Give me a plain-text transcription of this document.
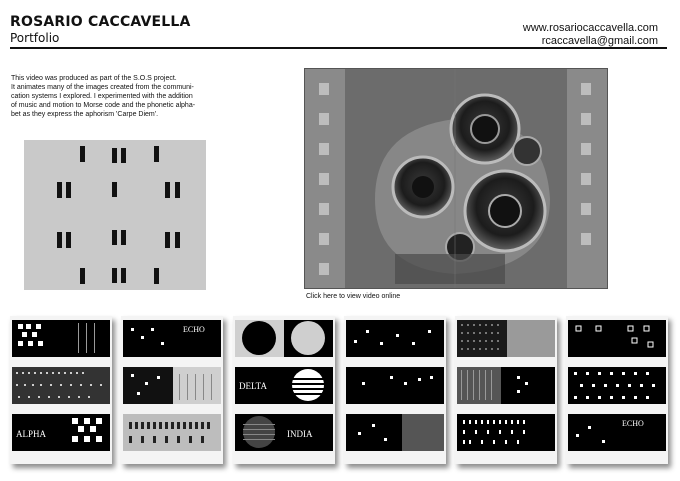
ROSARIO CACCAVELLA
Portfolio
www.rosariocaccavella.com
rcaccavella@gmail.com
This video was produced as part of the S.O.S project.
It animates many of the images created from the communi-
cation systems I explored. I experimented with the addition
of music and motion to Morse code and the phonetic alpha-
bet as they express the aphorism 'Carpe Diem'.
Click here to view video online
ALPHA
ECHO
DELTA
INDIA
ECHO
